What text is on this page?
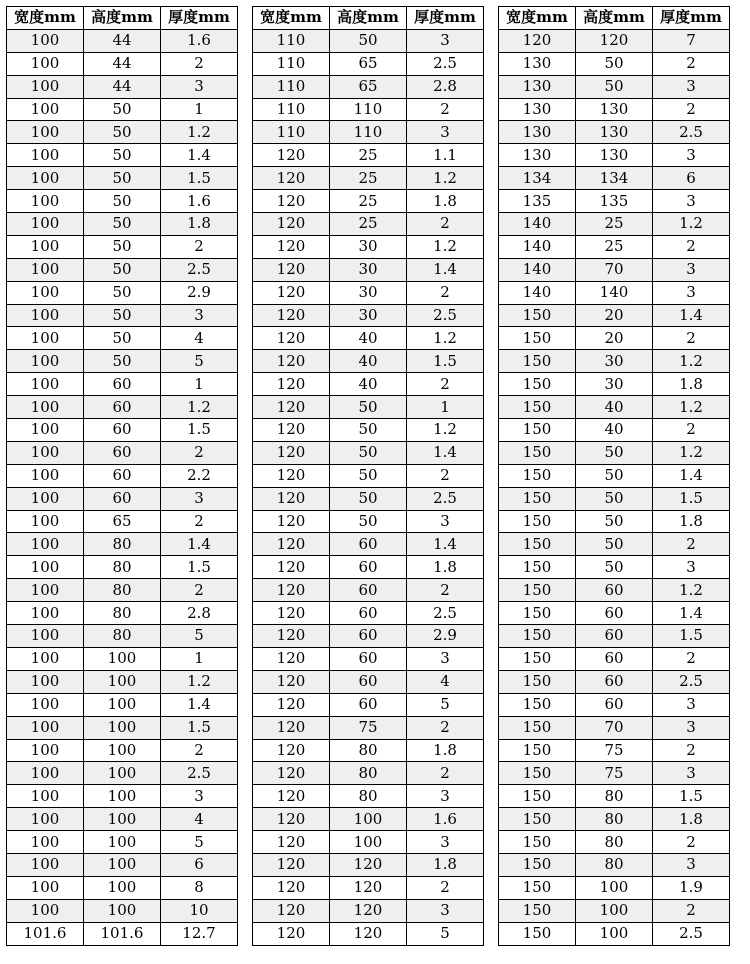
宽度mm	高度mm	厚度mm
100	44	1.6
100	44	2
100	44	3
100	50	1
100	50	1.2
100	50	1.4
100	50	1.5
100	50	1.6
100	50	1.8
100	50	2
100	50	2.5
100	50	2.9
100	50	3
100	50	4
100	50	5
100	60	1
100	60	1.2
100	60	1.5
100	60	2
100	60	2.2
100	60	3
100	65	2
100	80	1.4
100	80	1.5
100	80	2
100	80	2.8
100	80	5
100	100	1
100	100	1.2
100	100	1.4
100	100	1.5
100	100	2
100	100	2.5
100	100	3
100	100	4
100	100	5
100	100	6
100	100	8
100	100	10
101.6	101.6	12.7
宽度mm	高度mm	厚度mm
110	50	3
110	65	2.5
110	65	2.8
110	110	2
110	110	3
120	25	1.1
120	25	1.2
120	25	1.8
120	25	2
120	30	1.2
120	30	1.4
120	30	2
120	30	2.5
120	40	1.2
120	40	1.5
120	40	2
120	50	1
120	50	1.2
120	50	1.4
120	50	2
120	50	2.5
120	50	3
120	60	1.4
120	60	1.8
120	60	2
120	60	2.5
120	60	2.9
120	60	3
120	60	4
120	60	5
120	75	2
120	80	1.8
120	80	2
120	80	3
120	100	1.6
120	100	3
120	120	1.8
120	120	2
120	120	3
120	120	5
宽度mm	高度mm	厚度mm
120	120	7
130	50	2
130	50	3
130	130	2
130	130	2.5
130	130	3
134	134	6
135	135	3
140	25	1.2
140	25	2
140	70	3
140	140	3
150	20	1.4
150	20	2
150	30	1.2
150	30	1.8
150	40	1.2
150	40	2
150	50	1.2
150	50	1.4
150	50	1.5
150	50	1.8
150	50	2
150	50	3
150	60	1.2
150	60	1.4
150	60	1.5
150	60	2
150	60	2.5
150	60	3
150	70	3
150	75	2
150	75	3
150	80	1.5
150	80	1.8
150	80	2
150	80	3
150	100	1.9
150	100	2
150	100	2.5
